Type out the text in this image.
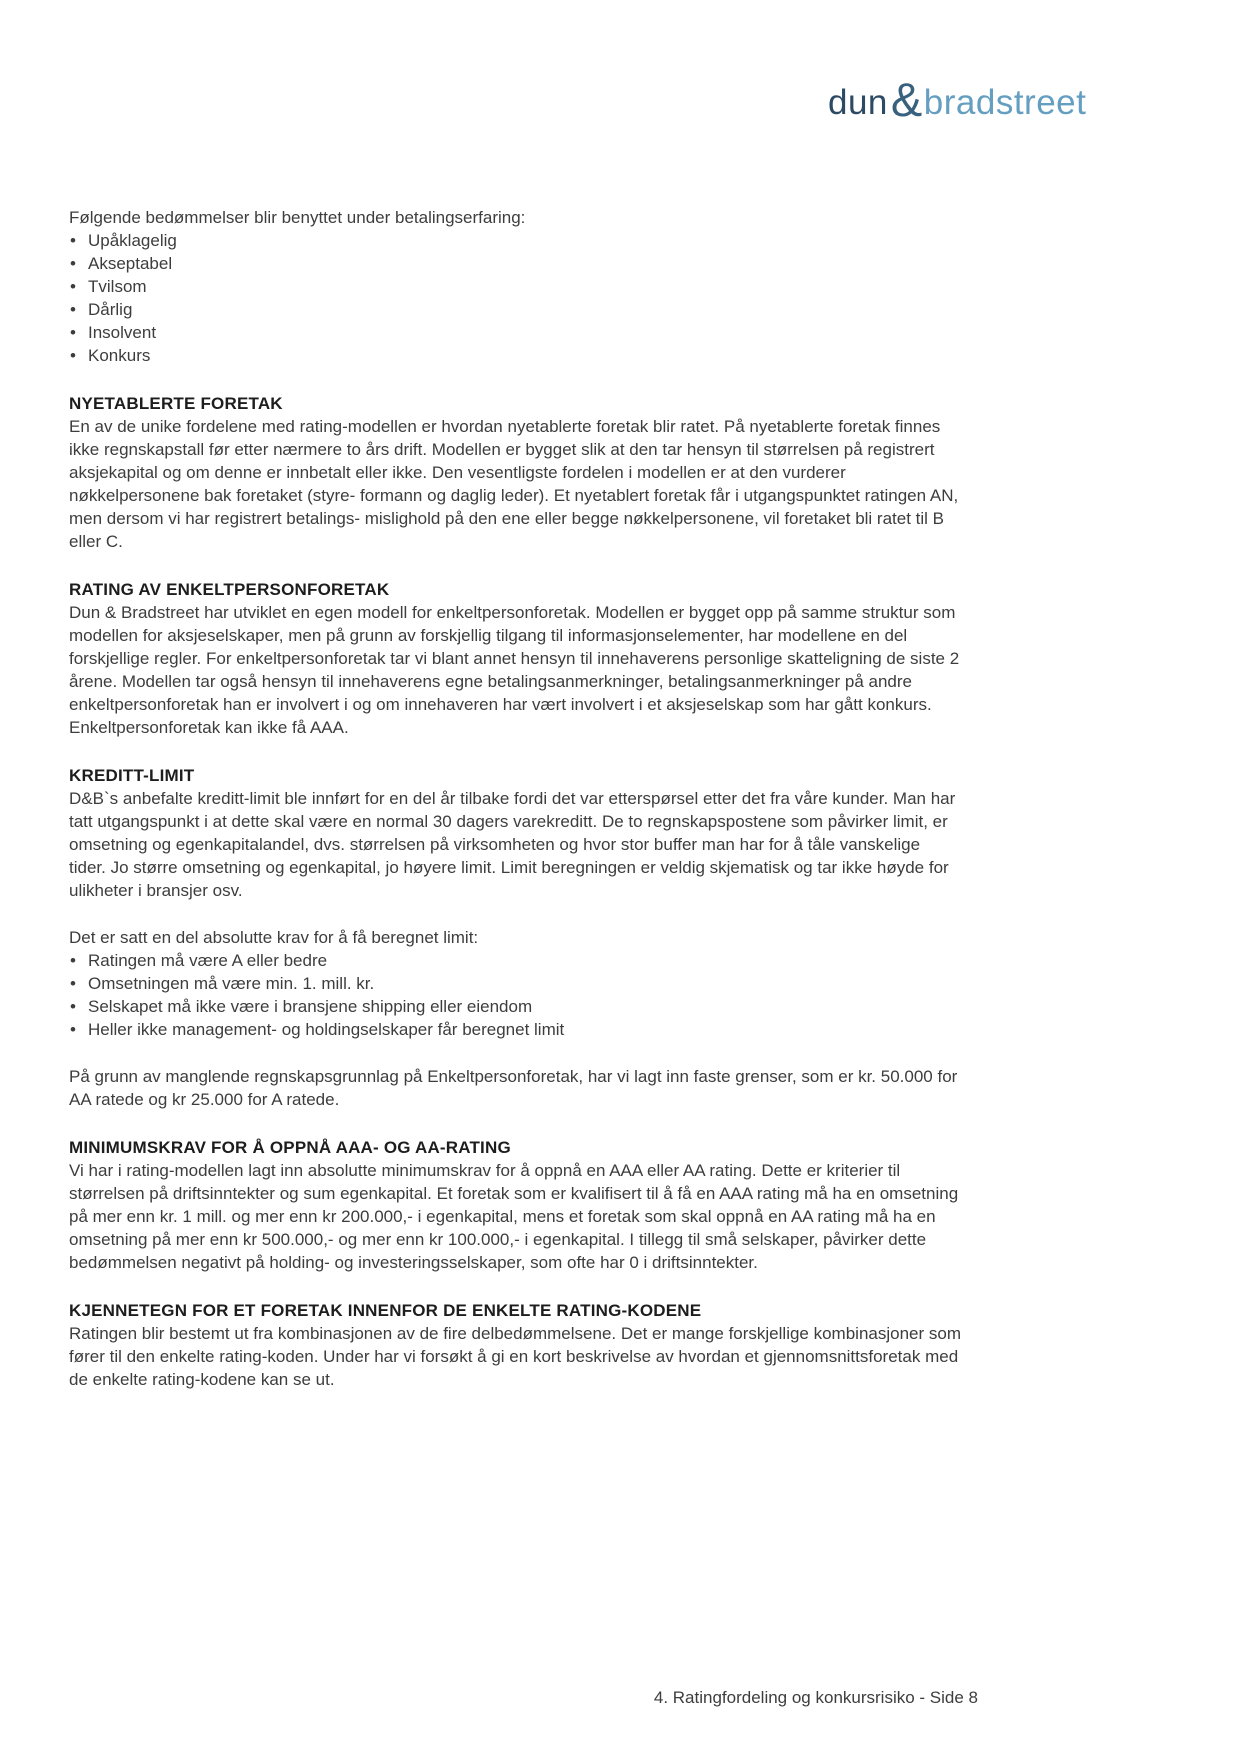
dun & bradstreet

Følgende bedømmelser blir benyttet under betalingserfaring:

• Upåklagelig
• Akseptabel
• Tvilsom
• Dårlig
• Insolvent
• Konkurs
NYETABLERTE FORETAK

En av de unike fordelene med rating-modellen er hvordan nyetablerte foretak blir ratet. På nyetablerte foretak finnes ikke regnskapstall før etter nærmere to års drift. Modellen er bygget slik at den tar hensyn til størrelsen på registrert aksjekapital og om denne er innbetalt eller ikke. Den vesentligste fordelen i modellen er at den vurderer nøkkelpersonene bak foretaket (styre- formann og daglig leder). Et nyetablert foretak får i utgangspunktet ratingen AN, men dersom vi har registrert betalings- mislighold på den ene eller begge nøkkelpersonene, vil foretaket bli ratet til B eller C.

RATING AV ENKELTPERSONFORETAK

Dun & Bradstreet har utviklet en egen modell for enkeltpersonforetak. Modellen er bygget opp på samme struktur som modellen for aksjeselskaper, men på grunn av forskjellig tilgang til informasjonselementer, har modellene en del forskjellige regler. For enkeltpersonforetak tar vi blant annet hensyn til innehaverens personlige skatteligning de siste 2 årene. Modellen tar også hensyn til innehaverens egne betalingsanmerkninger, betalingsanmerkninger på andre enkeltpersonforetak han er involvert i og om innehaveren har vært involvert i et aksjeselskap som har gått konkurs. Enkeltpersonforetak kan ikke få AAA.

KREDITT-LIMIT

D&B`s anbefalte kreditt-limit ble innført for en del år tilbake fordi det var etterspørsel etter det fra våre kunder. Man har tatt utgangspunkt i at dette skal være en normal 30 dagers varekreditt. De to regnskapspostene som påvirker limit, er omsetning og egenkapitalandel, dvs. størrelsen på virksomheten og hvor stor buffer man har for å tåle vanskelige tider. Jo større omsetning og egenkapital, jo høyere limit. Limit beregningen er veldig skjematisk og tar ikke høyde for ulikheter i bransjer osv.

Det er satt en del absolutte krav for å få beregnet limit:

• Ratingen må være A eller bedre
• Omsetningen må være min. 1. mill. kr.
• Selskapet må ikke være i bransjene shipping eller eiendom
• Heller ikke management- og holdingselskaper får beregnet limit

På grunn av manglende regnskapsgrunnlag på Enkeltpersonforetak, har vi lagt inn faste grenser, som er kr. 50.000 for AA ratede og kr 25.000 for A ratede.

MINIMUMSKRAV FOR Å OPPNÅ AAA- OG AA-RATING

Vi har i rating-modellen lagt inn absolutte minimumskrav for å oppnå en AAA eller AA rating. Dette er kriterier til størrelsen på driftsinntekter og sum egenkapital. Et foretak som er kvalifisert til å få en AAA rating må ha en omsetning på mer enn kr. 1 mill. og mer enn kr 200.000,- i egenkapital, mens et foretak som skal oppnå en AA rating må ha en omsetning på mer enn kr 500.000,- og mer enn kr 100.000,- i egenkapital. I tillegg til små selskaper, påvirker dette bedømmelsen negativt på holding- og investeringsselskaper, som ofte har 0 i driftsinntekter.

KJENNETEGN FOR ET FORETAK INNENFOR DE ENKELTE RATING-KODENE

Ratingen blir bestemt ut fra kombinasjonen av de fire delbedømmelsene. Det er mange forskjellige kombinasjoner som fører til den enkelte rating-koden. Under har vi forsøkt å gi en kort beskrivelse av hvordan et gjennomsnittsforetak med de enkelte rating-kodene kan se ut.

4. Ratingfordeling og konkursrisiko - Side 8
